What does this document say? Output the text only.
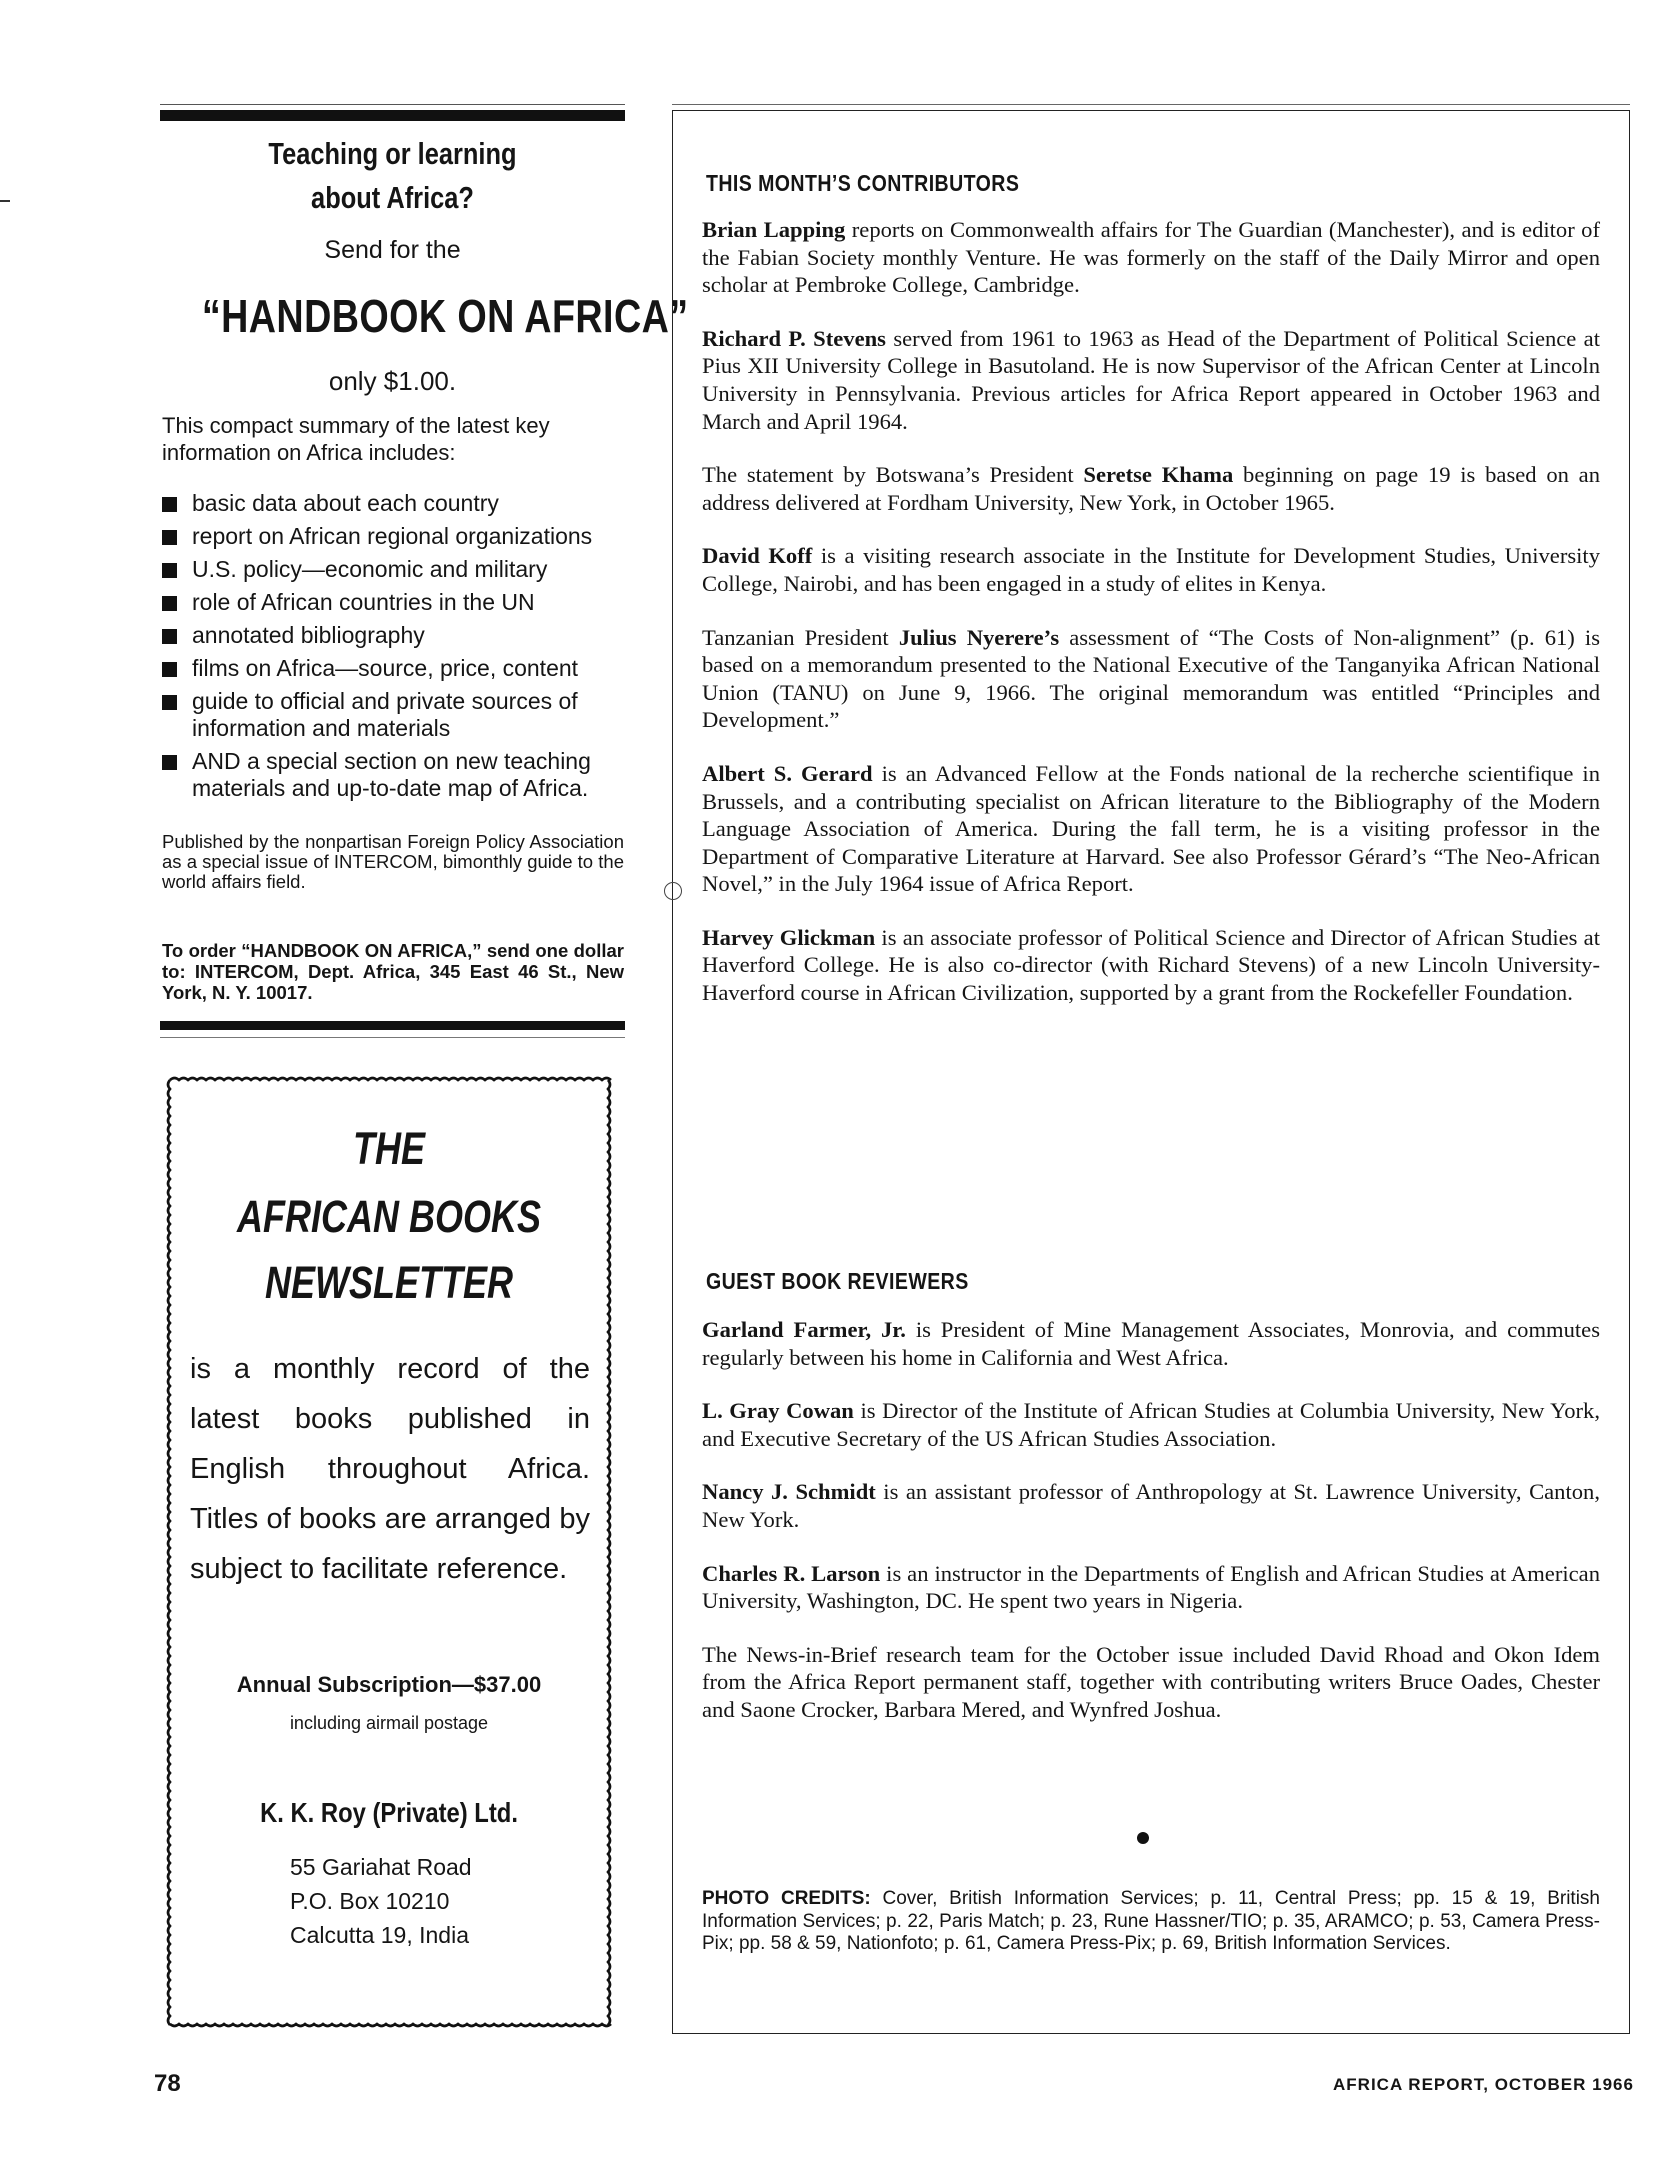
Teaching or learning
about Africa?
Send for the
“HANDBOOK ON AFRICA”
only $1.00.
This compact summary of the latest key information on Africa includes:
basic data about each country
report on African regional organizations
U.S. policy—economic and military
role of African countries in the UN
annotated bibliography
films on Africa—source, price, content
guide to official and private sources of information and materials
AND a special section on new teaching materials and up-to-date map of Africa.
Published by the nonpartisan Foreign Policy Association as a special issue of INTERCOM, bimonthly guide to the world affairs field.
To order “HANDBOOK ON AFRICA,” send one dollar to: INTERCOM, Dept. Africa, 345 East 46 St., New York, N. Y. 10017.
THE
AFRICAN BOOKS
NEWSLETTER
is a monthly record of the latest books published in English throughout Africa. Titles of books are arranged by subject to facilitate reference.
Annual Subscription—$37.00
including airmail postage
K. K. Roy (Private) Ltd.
55 Gariahat Road
P.O. Box 10210
Calcutta 19, India
THIS MONTH’S CONTRIBUTORS

Brian Lapping reports on Commonwealth affairs for The Guardian (Manchester), and is editor of the Fabian Society monthly Venture. He was formerly on the staff of the Daily Mirror and open scholar at Pembroke College, Cambridge.

Richard P. Stevens served from 1961 to 1963 as Head of the Department of Political Science at Pius XII University College in Basutoland. He is now Supervisor of the African Center at Lincoln University in Pennsylvania. Previous articles for Africa Report appeared in October 1963 and March and April 1964.

The statement by Botswana’s President Seretse Khama beginning on page 19 is based on an address delivered at Fordham University, New York, in October 1965.

David Koff is a visiting research associate in the Institute for Development Studies, University College, Nairobi, and has been engaged in a study of elites in Kenya.

Tanzanian President Julius Nyerere’s assessment of “The Costs of Non-alignment” (p. 61) is based on a memorandum presented to the National Executive of the Tanganyika African National Union (TANU) on June 9, 1966. The original memorandum was entitled “Principles and Development.”

Albert S. Gerard is an Advanced Fellow at the Fonds national de la recherche scientifique in Brussels, and a contributing specialist on African literature to the Bibliography of the Modern Language Association of America. During the fall term, he is a visiting professor in the Department of Comparative Literature at Harvard. See also Professor Gérard’s “The Neo-African Novel,” in the July 1964 issue of Africa Report.

Harvey Glickman is an associate professor of Political Science and Director of African Studies at Haverford College. He is also co-director (with Richard Stevens) of a new Lincoln University-Haverford course in African Civilization, supported by a grant from the Rockefeller Foundation.

GUEST BOOK REVIEWERS

Garland Farmer, Jr. is President of Mine Management Associates, Monrovia, and commutes regularly between his home in California and West Africa.

L. Gray Cowan is Director of the Institute of African Studies at Columbia University, New York, and Executive Secretary of the US African Studies Association.

Nancy J. Schmidt is an assistant professor of Anthropology at St. Lawrence University, Canton, New York.

Charles R. Larson is an instructor in the Departments of English and African Studies at American University, Washington, DC. He spent two years in Nigeria.

The News-in-Brief research team for the October issue included David Rhoad and Okon Idem from the Africa Report permanent staff, together with contributing writers Bruce Oades, Chester and Saone Crocker, Barbara Mered, and Wynfred Joshua.

PHOTO CREDITS: Cover, British Information Services; p. 11, Central Press; pp. 15 & 19, British Information Services; p. 22, Paris Match; p. 23, Rune Hassner/TIO; p. 35, ARAMCO; p. 53, Camera Press-Pix; pp. 58 & 59, Nationfoto; p. 61, Camera Press-Pix; p. 69, British Information Services.
78	AFRICA REPORT, OCTOBER 1966
